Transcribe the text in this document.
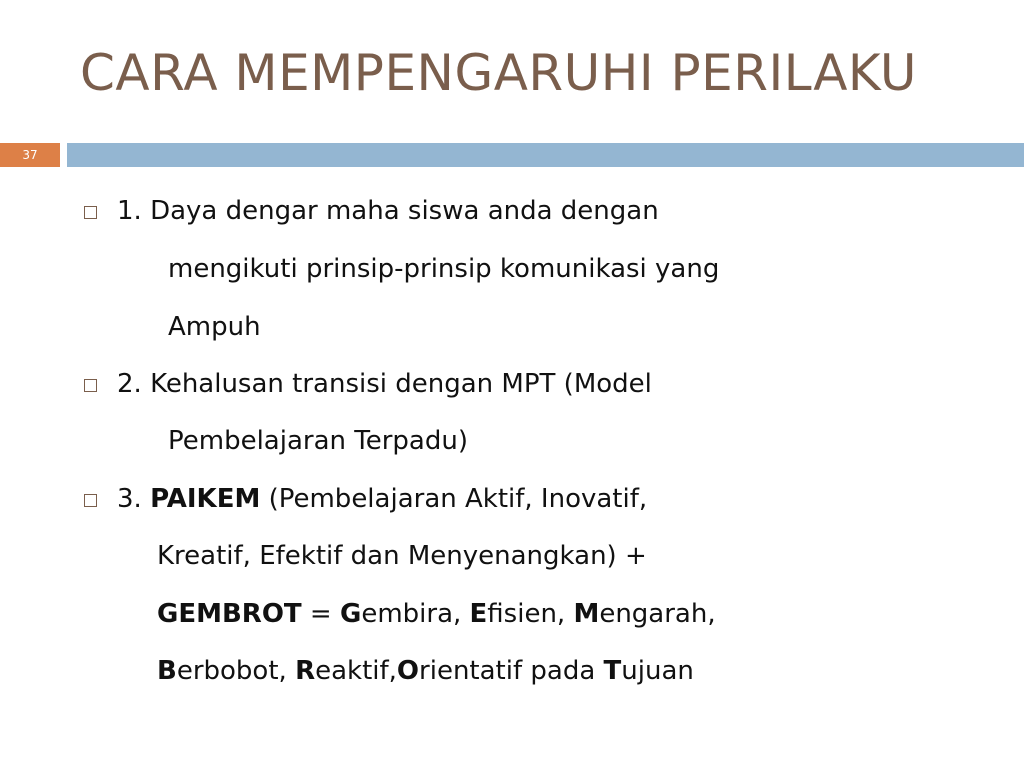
CARA MEMPENGARUHI PERILAKU
37
1. Daya dengar maha siswa anda dengan
mengikuti prinsip-prinsip komunikasi yang
Ampuh
2. Kehalusan transisi dengan MPT (Model
Pembelajaran Terpadu)
3. PAIKEM (Pembelajaran Aktif, Inovatif,
Kreatif, Efektif dan Menyenangkan) +
GEMBROT = Gembira, Efisien, Mengarah,
Berbobot, Reaktif,Orientatif pada Tujuan
